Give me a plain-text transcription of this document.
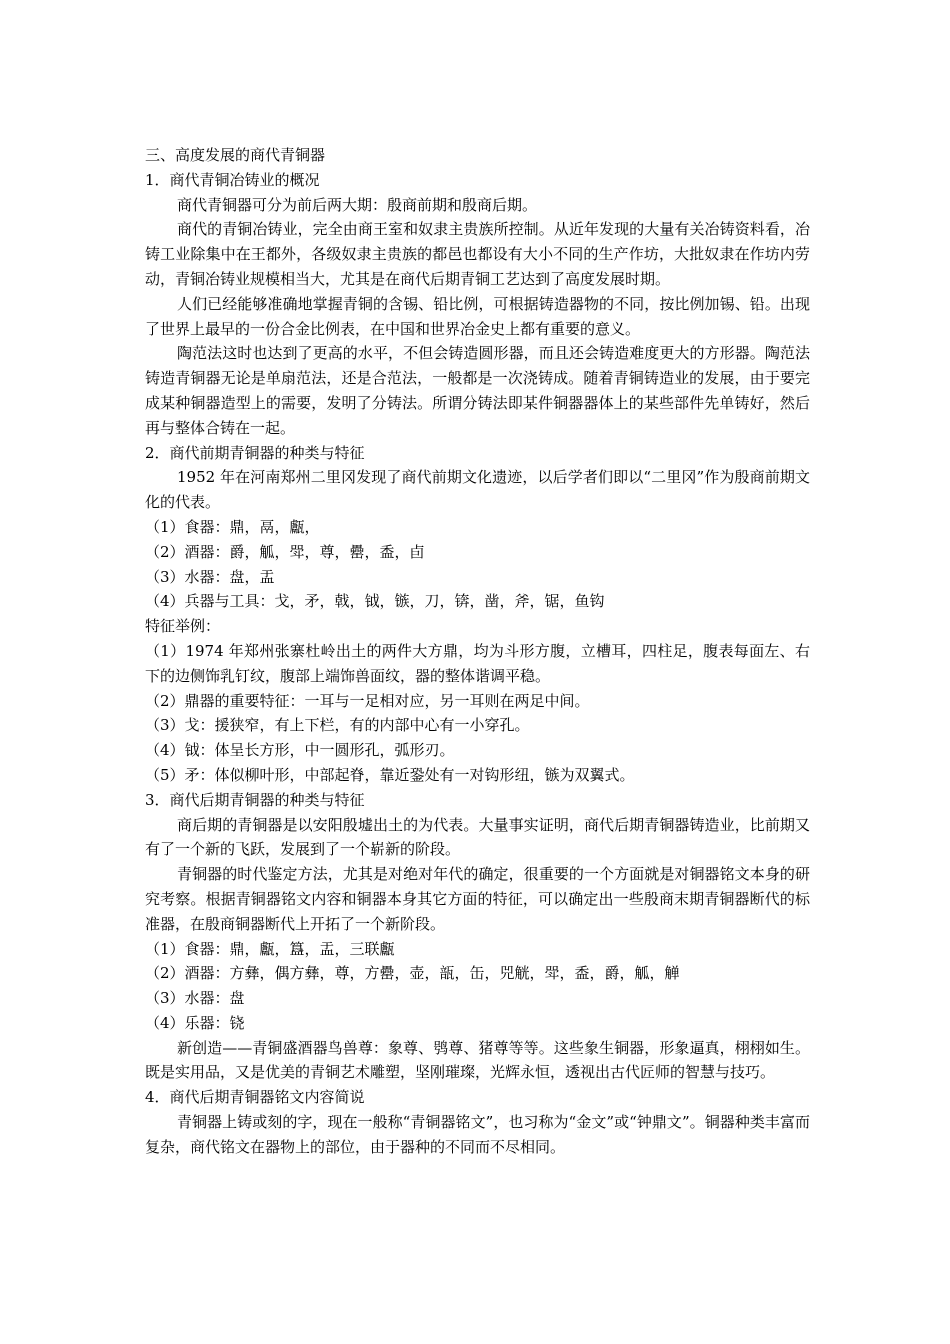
三、高度发展的商代青铜器

1．商代青铜冶铸业的概况

商代青铜器可分为前后两大期：殷商前期和殷商后期。

商代的青铜冶铸业，完全由商王室和奴隶主贵族所控制。从近年发现的大量有关冶铸资料看，冶铸工业除集中在王都外，各级奴隶主贵族的都邑也都设有大小不同的生产作坊，大批奴隶在作坊内劳动，青铜冶铸业规模相当大，尤其是在商代后期青铜工艺达到了高度发展时期。

人们已经能够准确地掌握青铜的含锡、铅比例，可根据铸造器物的不同，按比例加锡、铅。出现了世界上最早的一份合金比例表，在中国和世界冶金史上都有重要的意义。

陶范法这时也达到了更高的水平，不但会铸造圆形器，而且还会铸造难度更大的方形器。陶范法铸造青铜器无论是单扇范法，还是合范法，一般都是一次浇铸成。随着青铜铸造业的发展，由于要完成某种铜器造型上的需要，发明了分铸法。所谓分铸法即某件铜器器体上的某些部件先单铸好，然后再与整体合铸在一起。

2．商代前期青铜器的种类与特征

1952 年在河南郑州二里冈发现了商代前期文化遗迹，以后学者们即以“二里冈”作为殷商前期文化的代表。

（1）食器：鼎，鬲，甗，

（2）酒器：爵，觚，斝，尊，罍，盉，卣

（3）水器：盘，盂

（4）兵器与工具：戈，矛，戟，钺，镞，刀，锛，凿，斧，锯，鱼钩

特征举例：

（1）1974 年郑州张寨杜岭出土的两件大方鼎，均为斗形方腹，立槽耳，四柱足，腹表每面左、右下的边侧饰乳钉纹，腹部上端饰兽面纹，器的整体谐调平稳。

（2）鼎器的重要特征：一耳与一足相对应，另一耳则在两足中间。

（3）戈：援狭窄，有上下栏，有的内部中心有一小穿孔。

（4）钺：体呈长方形，中一圆形孔，弧形刃。

（5）矛：体似柳叶形，中部起脊，靠近銎处有一对钩形纽，镞为双翼式。

3．商代后期青铜器的种类与特征

商后期的青铜器是以安阳殷墟出土的为代表。大量事实证明，商代后期青铜器铸造业，比前期又有了一个新的飞跃，发展到了一个崭新的阶段。

青铜器的时代鉴定方法，尤其是对绝对年代的确定，很重要的一个方面就是对铜器铭文本身的研究考察。根据青铜器铭文内容和铜器本身其它方面的特征，可以确定出一些殷商末期青铜器断代的标准器，在殷商铜器断代上开拓了一个新阶段。

（1）食器：鼎，甗，簋，盂，三联甗

（2）酒器：方彝，偶方彝，尊，方罍，壶，瓿，缶，兕觥，斝，盉，爵，觚，觯

（3）水器：盘

（4）乐器：铙

新创造——青铜盛酒器鸟兽尊：象尊、鸮尊、猪尊等等。这些象生铜器，形象逼真，栩栩如生。既是实用品，又是优美的青铜艺术雕塑，坚刚璀璨，光辉永恒，透视出古代匠师的智慧与技巧。

4．商代后期青铜器铭文内容简说

青铜器上铸或刻的字，现在一般称“青铜器铭文”，也习称为“金文”或“钟鼎文”。铜器种类丰富而复杂，商代铭文在器物上的部位，由于器种的不同而不尽相同。
